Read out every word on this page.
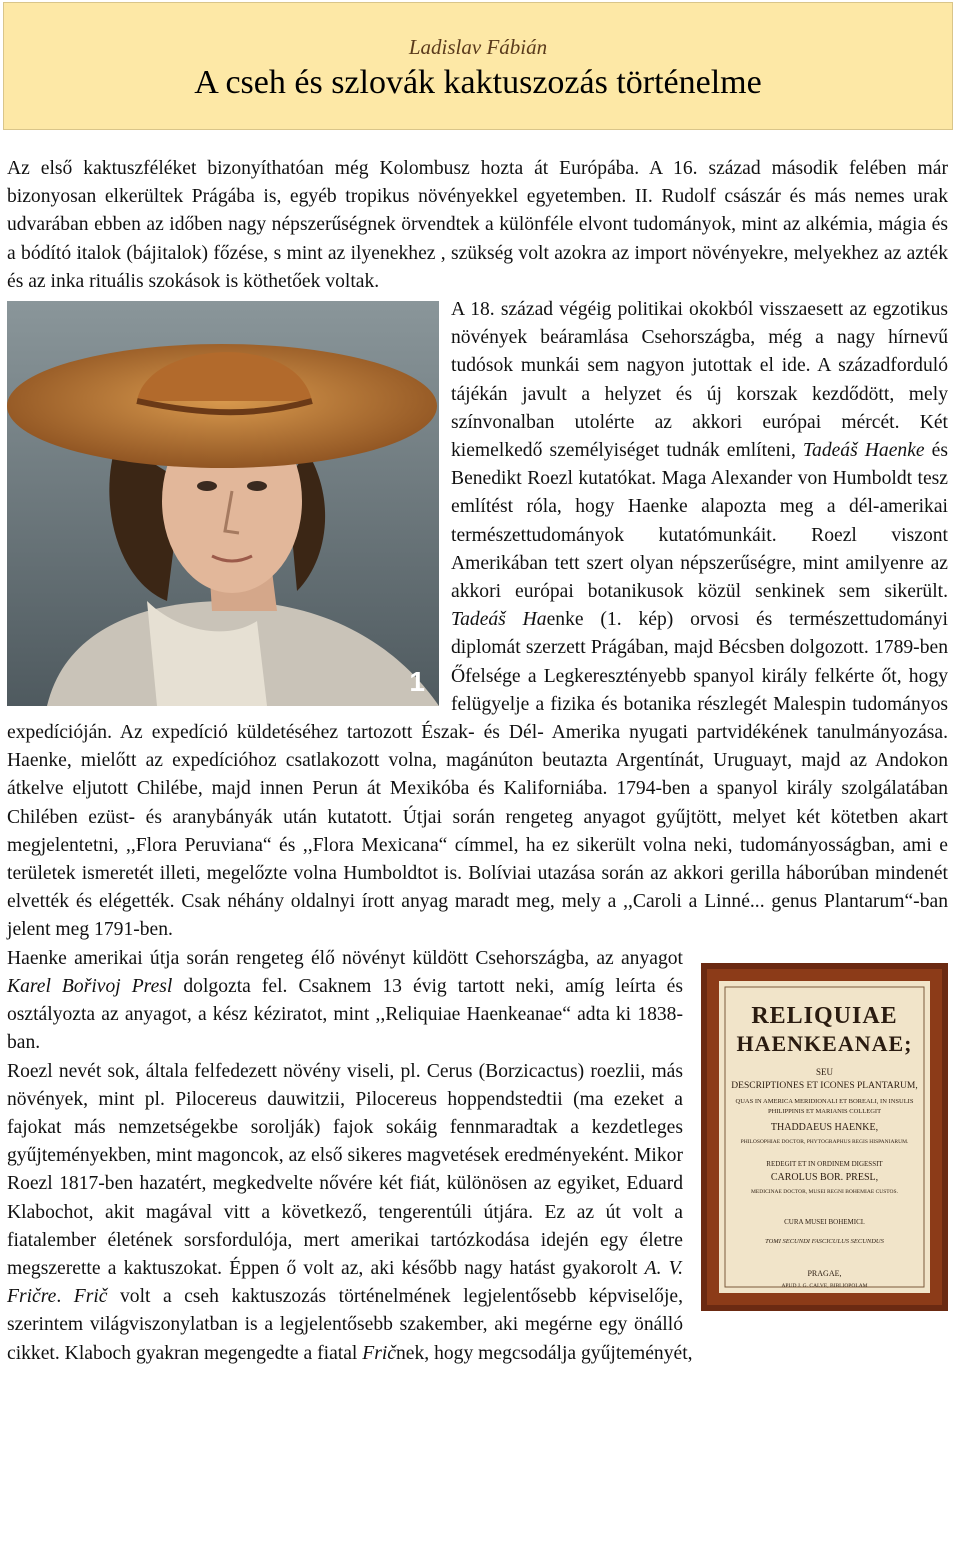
Ladislav Fábián
A cseh és szlovák kaktuszozás történelme

Az első kaktuszféléket bizonyíthatóan még Kolombusz hozta át Európába. A 16. század második felében már bizonyosan elkerültek Prágába is, egyéb tropikus növényekkel egyetemben. II. Rudolf császár és más nemes urak udvarában ebben az időben nagy népszerűségnek örvendtek a különféle elvont tudományok, mint az alkémia, mágia és a bódító italok (bájitalok) főzése, s mint az ilyenekhez , szükség volt azokra az import növényekre, melyekhez az azték és az inka rituális szokások is köthetőek voltak.

1

A 18. század végéig politikai okokból visszaesett az egzotikus növények beáramlása Csehországba, még a nagy hírnevű tudósok munkái sem nagyon jutottak el ide. A századforduló tájékán javult a helyzet és új korszak kezdődött, mely színvonalban utolérte az akkori európai mércét. Két kiemelkedő személyiséget tudnák említeni, Tadeáš Haenke és Benedikt Roezl kutatókat. Maga Alexander von Humboldt tesz említést róla, hogy Haenke alapozta meg a dél-amerikai természettudományok kutatómunkáit. Roezl viszont Amerikában tett szert olyan népszerűségre, mint amilyenre az akkori európai botanikusok közül senkinek sem sikerült. Tadeáš Haenke (1. kép) orvosi és természettudományi diplomát szerzett Prágában, majd Bécsben dolgozott. 1789-ben Őfelsége a Legkeresztényebb spanyol király felkérte őt, hogy felügyelje a fizika és botanika részlegét Malespin tudományos expedícióján. Az expedíció küldetéséhez tartozott Észak- és Dél- Amerika nyugati partvidékének tanulmányozása. Haenke, mielőtt az expedícióhoz csatlakozott volna, magánúton beutazta Argentínát, Uruguayt, majd az Andokon átkelve eljutott Chilébe, majd innen Perun át Mexikóba és Kaliforniába. 1794-ben a spanyol király szolgálatában Chilében ezüst- és aranybányák után kutatott. Útjai során rengeteg anyagot gyűjtött, melyet két kötetben akart megjelentetni, ,,Flora Peruviana“ és ,,Flora Mexicana“ címmel, ha ez sikerült volna neki, tudományosságban, ami e területek ismeretét illeti, megelőzte volna Humboldtot is. Bolíviai utazása során az akkori gerilla háborúban mindenét elvették és elégették. Csak néhány oldalnyi írott anyag maradt meg, mely a ,,Caroli a Linné... genus Plantarum“-ban jelent meg 1791-ben.

RELIQUIAE
HAENKEANAE;
SEU
DESCRIPTIONES ET ICONES PLANTARUM,
QUAS IN AMERICA MERIDIONALI ET BOREALI, IN INSULIS
PHILIPPINIS ET MARIANIS COLLEGIT
THADDAEUS HAENKE,
PHILOSOPHIAE DOCTOR, PHYTOGRAPHUS REGIS HISPANIARUM.
REDEGIT ET IN ORDINEM DIGESSIT
CAROLUS BOR. PRESL,
MEDICINAE DOCTOR, MUSEI REGNI BOHEMIAE CUSTOS.
CURA MUSEI BOHEMICI.
TOMI SECUNDI FASCICULUS SECUNDUS
PRAGAE,
APUD J. G. CALVE, BIBLIOPOLAM

Haenke amerikai útja során rengeteg élő növényt küldött Csehországba, az anyagot Karel Bořivoj Presl dolgozta fel. Csaknem 13 évig tartott neki, amíg leírta és osztályozta az anyagot, a kész kéziratot, mint ,,Reliquiae Haenkeanae“ adta ki 1838-ban.

Roezl nevét sok, általa felfedezett növény viseli, pl. Cerus (Borzicactus) roezlii, más növények, mint pl. Pilocereus dauwitzii, Pilocereus hoppendstedtii (ma ezeket a fajokat más nemzetségekbe sorolják) fajok sokáig fennmaradtak a kezdetleges gyűjteményekben, mint magoncok, az első sikeres magvetések eredményeként. Mikor Roezl 1817-ben hazatért, megkedvelte nővére két fiát, különösen az egyiket, Eduard Klabochot, akit magával vitt a következő, tengerentúli útjára. Ez az út volt a fiatalember életének sorsfordulója, mert amerikai tartózkodása idején egy életre megszerette a kaktuszokat. Éppen ő volt az, aki később nagy hatást gyakorolt A. V. Fričre. Frič volt a cseh kaktuszozás történelmének legjelentősebb képviselője, szerintem világviszonylatban is a legjelentősebb szakember, aki megérne egy önálló cikket. Klaboch gyakran megengedte a fiatal Fričnek, hogy megcsodálja gyűjteményét,
